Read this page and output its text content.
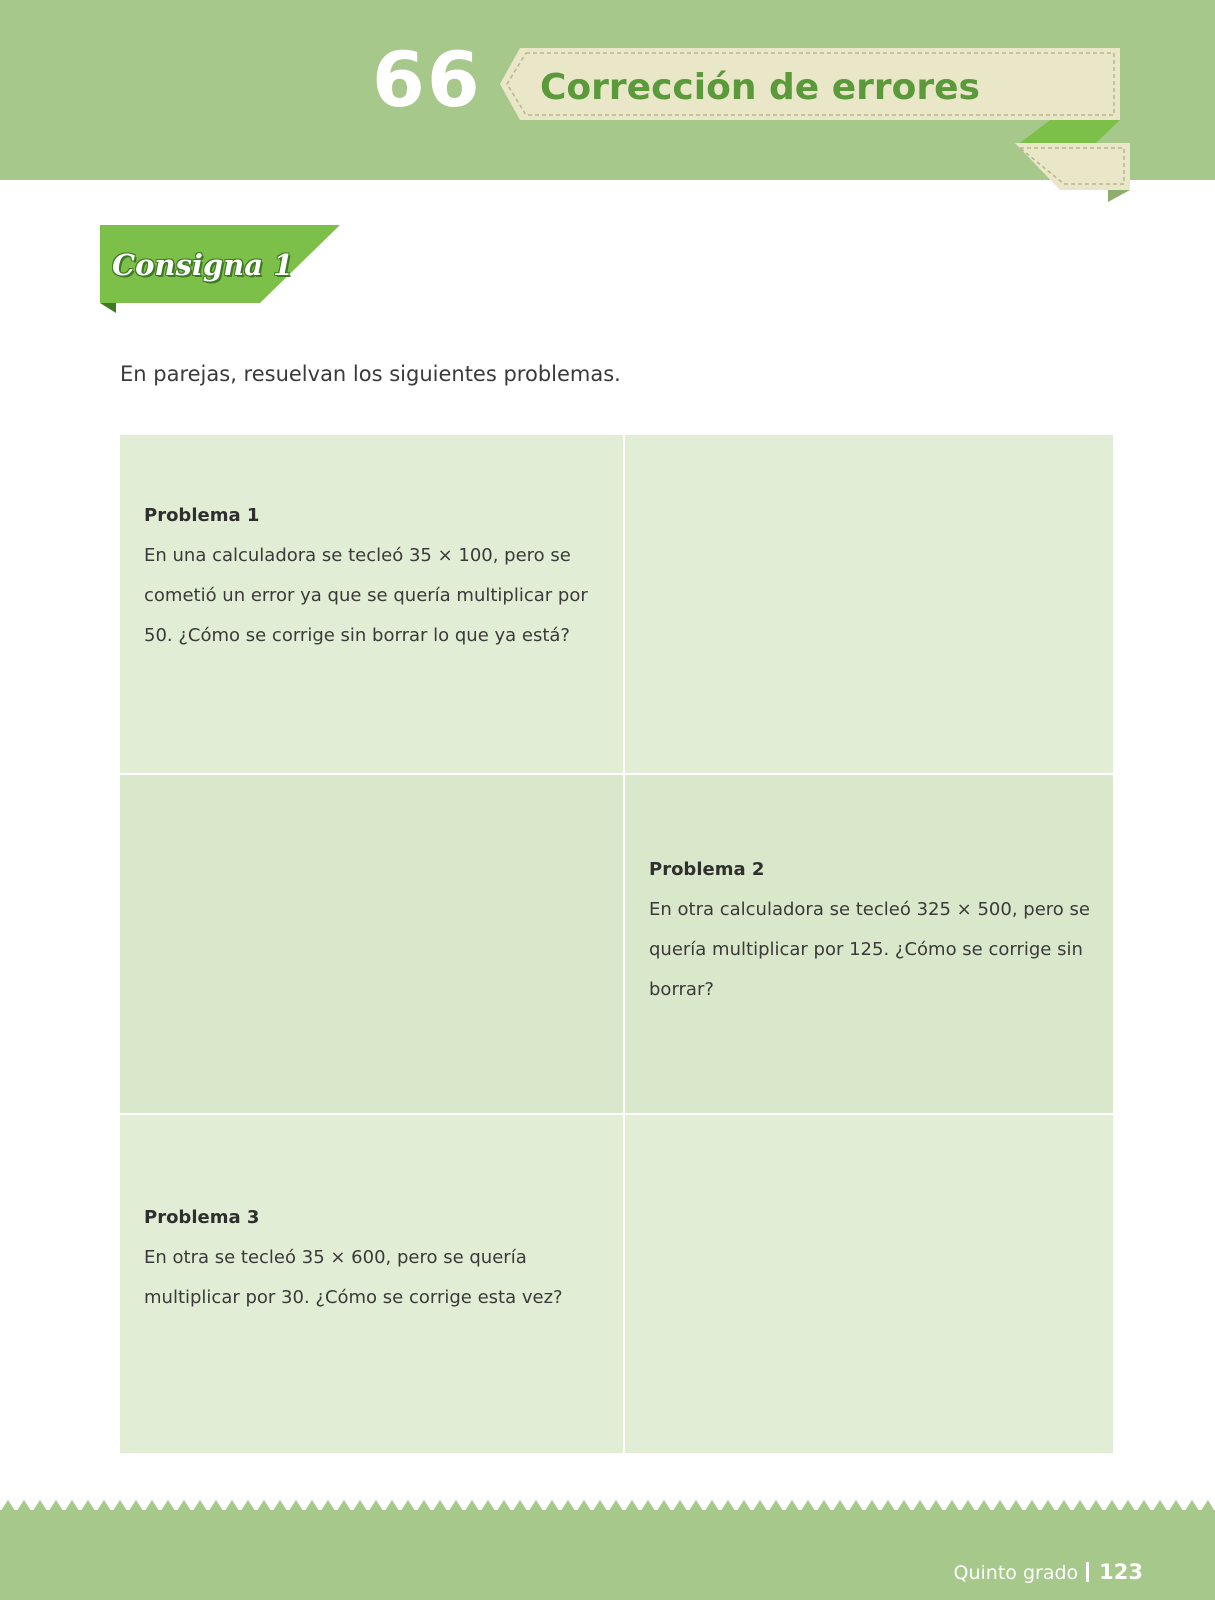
66 Corrección de errores
Consigna 1
En parejas, resuelvan los siguientes problemas.
Problema 1
En una calculadora se tecleó 35 × 100, pero se cometió un error ya que se quería multiplicar por 50. ¿Cómo se corrige sin borrar lo que ya está?
Problema 2
En otra calculadora se tecleó 325 × 500, pero se quería multiplicar por 125. ¿Cómo se corrige sin borrar?
Problema 3
En otra se tecleó 35 × 600, pero se quería multiplicar por 30. ¿Cómo se corrige esta vez?
Quinto grado 123
